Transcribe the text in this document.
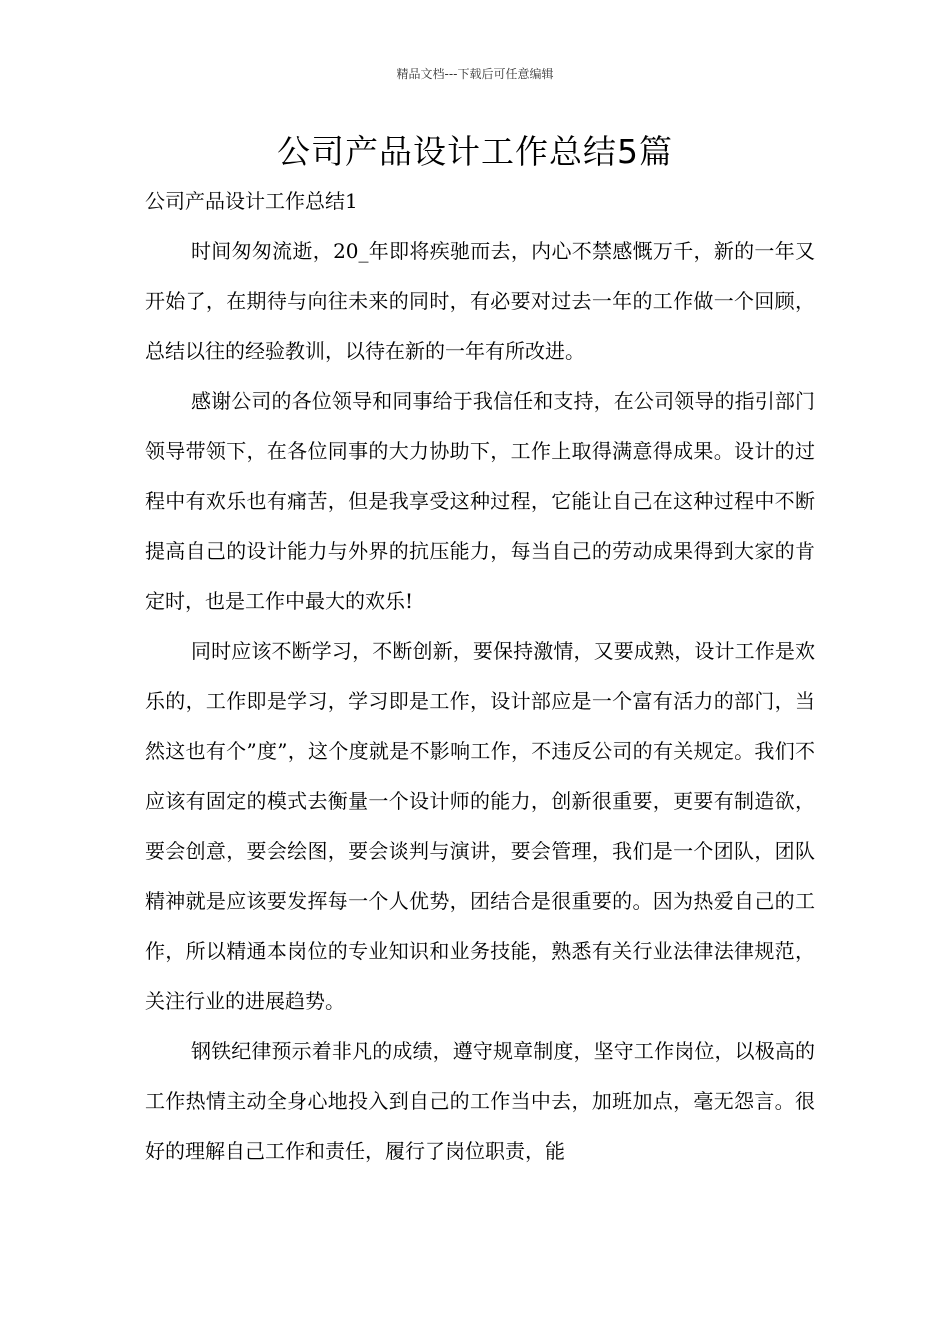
精品文档---下载后可任意编辑
公司产品设计工作总结5篇

公司产品设计工作总结1

时间匆匆流逝，20_年即将疾驰而去，内心不禁感慨万千，新的一年又开始了，在期待与向往未来的同时，有必要对过去一年的工作做一个回顾，总结以往的经验教训，以待在新的一年有所改进。

感谢公司的各位领导和同事给于我信任和支持，在公司领导的指引部门领导带领下，在各位同事的大力协助下，工作上取得满意得成果。设计的过程中有欢乐也有痛苦，但是我享受这种过程，它能让自己在这种过程中不断提高自己的设计能力与外界的抗压能力，每当自己的劳动成果得到大家的肯定时，也是工作中最大的欢乐!

同时应该不断学习，不断创新，要保持激情，又要成熟，设计工作是欢乐的，工作即是学习，学习即是工作，设计部应是一个富有活力的部门，当然这也有个”度”，这个度就是不影响工作，不违反公司的有关规定。我们不应该有固定的模式去衡量一个设计师的能力，创新很重要，更要有制造欲，要会创意，要会绘图，要会谈判与演讲，要会管理，我们是一个团队，团队精神就是应该要发挥每一个人优势，团结合是很重要的。因为热爱自己的工作，所以精通本岗位的专业知识和业务技能，熟悉有关行业法律法律规范，关注行业的进展趋势。

钢铁纪律预示着非凡的成绩，遵守规章制度，坚守工作岗位，以极高的工作热情主动全身心地投入到自己的工作当中去，加班加点，毫无怨言。很好的理解自己工作和责任，履行了岗位职责，能
